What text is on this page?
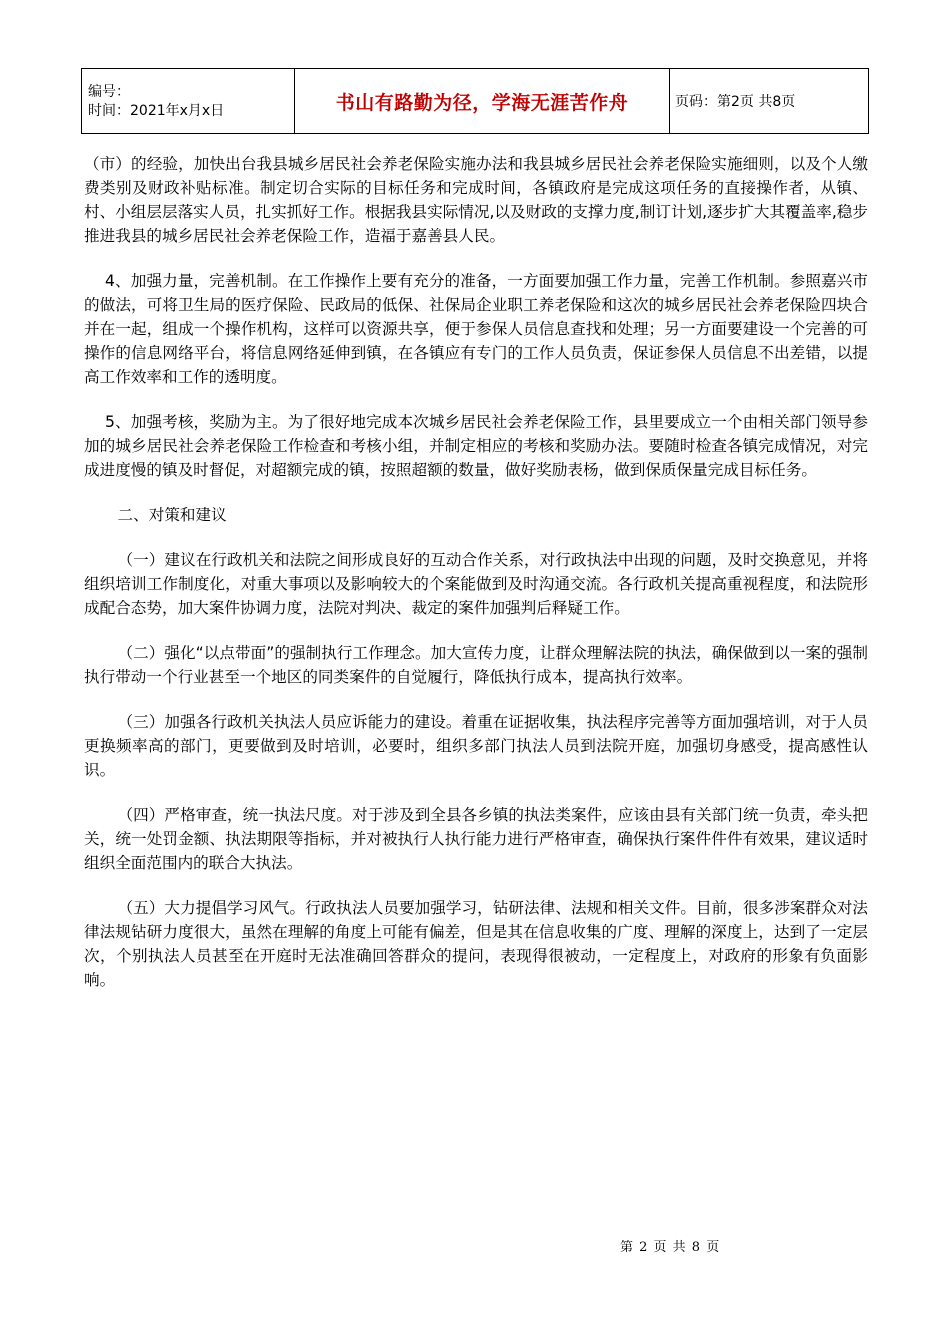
编号：
时间：2021年x月x日	书山有路勤为径，学海无涯苦作舟	页码：第2页 共8页

（市）的经验，加快出台我县城乡居民社会养老保险实施办法和我县城乡居民社会养老保险实施细则，以及个人缴费类别及财政补贴标准。制定切合实际的目标任务和完成时间，各镇政府是完成这项任务的直接操作者，从镇、村、小组层层落实人员，扎实抓好工作。根据我县实际情况,以及财政的支撑力度,制订计划,逐步扩大其覆盖率,稳步推进我县的城乡居民社会养老保险工作，造福于嘉善县人民。

4、加强力量，完善机制。在工作操作上要有充分的准备，一方面要加强工作力量，完善工作机制。参照嘉兴市的做法，可将卫生局的医疗保险、民政局的低保、社保局企业职工养老保险和这次的城乡居民社会养老保险四块合并在一起，组成一个操作机构，这样可以资源共享，便于参保人员信息查找和处理；另一方面要建设一个完善的可操作的信息网络平台，将信息网络延伸到镇，在各镇应有专门的工作人员负责，保证参保人员信息不出差错，以提高工作效率和工作的透明度。

5、加强考核，奖励为主。为了很好地完成本次城乡居民社会养老保险工作，县里要成立一个由相关部门领导参加的城乡居民社会养老保险工作检查和考核小组，并制定相应的考核和奖励办法。要随时检查各镇完成情况，对完成进度慢的镇及时督促，对超额完成的镇，按照超额的数量，做好奖励表杨，做到保质保量完成目标任务。

二、对策和建议

（一）建议在行政机关和法院之间形成良好的互动合作关系，对行政执法中出现的问题，及时交换意见，并将组织培训工作制度化，对重大事项以及影响较大的个案能做到及时沟通交流。各行政机关提高重视程度，和法院形成配合态势，加大案件协调力度，法院对判决、裁定的案件加强判后释疑工作。

（二）强化“以点带面”的强制执行工作理念。加大宣传力度，让群众理解法院的执法，确保做到以一案的强制执行带动一个行业甚至一个地区的同类案件的自觉履行，降低执行成本，提高执行效率。

（三）加强各行政机关执法人员应诉能力的建设。着重在证据收集，执法程序完善等方面加强培训，对于人员更换频率高的部门，更要做到及时培训，必要时，组织多部门执法人员到法院开庭，加强切身感受，提高感性认识。

（四）严格审查，统一执法尺度。对于涉及到全县各乡镇的执法类案件，应该由县有关部门统一负责，牵头把关，统一处罚金额、执法期限等指标，并对被执行人执行能力进行严格审查，确保执行案件件件有效果，建议适时组织全面范围内的联合大执法。

（五）大力提倡学习风气。行政执法人员要加强学习，钻研法律、法规和相关文件。目前，很多涉案群众对法律法规钻研力度很大，虽然在理解的角度上可能有偏差，但是其在信息收集的广度、理解的深度上，达到了一定层次，个别执法人员甚至在开庭时无法准确回答群众的提问，表现得很被动，一定程度上，对政府的形象有负面影响。

第 2 页 共 8 页
